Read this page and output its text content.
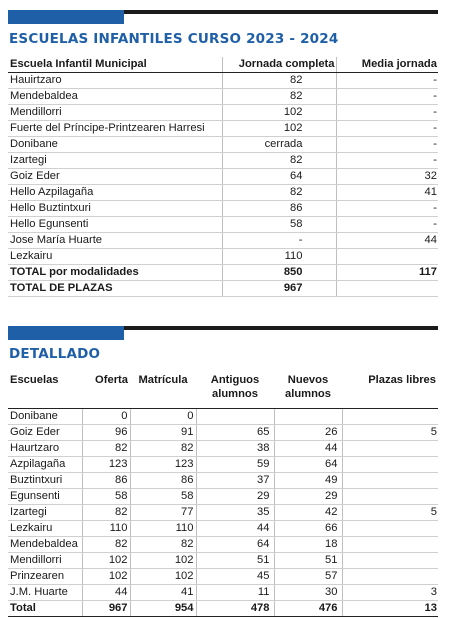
ESCUELAS INFANTILES CURSO 2023 - 2024
Escuela Infantil Municipal	Jornada completa	Media jornada
Hauirtzaro	82	-
Mendebaldea	82	-
Mendillorri	102	-
Fuerte del Príncipe-Printzearen Harresi	102	-
Donibane	cerrada	-
Izartegi	82	-
Goiz Eder	64	32
Hello Azpilagaña	82	41
Hello Buztintxuri	86	-
Hello Egunsenti	58	-
Jose María Huarte	-	44
Lezkairu	110	
TOTAL por modalidades	850	117
TOTAL DE PLAZAS	967	
DETALLADO
Escuelas	Oferta	Matrícula	Antiguos alumnos	Nuevos alumnos	Plazas libres
Donibane	0	0			
Goiz Eder	96	91	65	26	5
Haurtzaro	82	82	38	44	
Azpilagaña	123	123	59	64	
Buztintxuri	86	86	37	49	
Egunsenti	58	58	29	29	
Izartegi	82	77	35	42	5
Lezkairu	110	110	44	66	
Mendebaldea	82	82	64	18	
Mendillorri	102	102	51	51	
Prinzearen	102	102	45	57	
J.M. Huarte	44	41	11	30	3
Total	967	954	478	476	13
